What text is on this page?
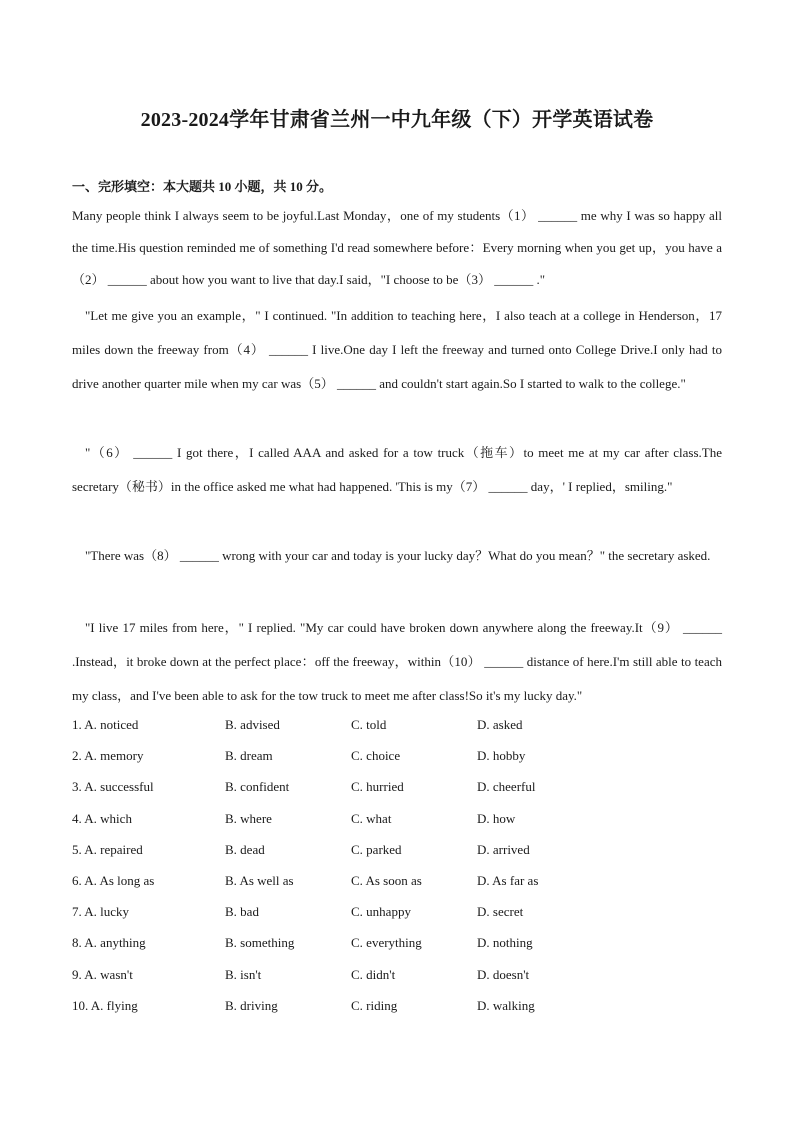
2023-2024学年甘肃省兰州一中九年级（下）开学英语试卷
一、完形填空：本大题共 10 小题，共 10 分。

Many people think I always seem to be joyful.Last Monday，one of my students（1） ______ me why I was so happy all the time.His question reminded me of something I'd read somewhere before：Every morning when you get up，you have a （2） ______ about how you want to live that day.I said，"I choose to be（3） ______ ."

"Let me give you an example，" I continued. "In addition to teaching here，I also teach at a college in Henderson，17 miles down the freeway from（4） ______ I live.One day I left the freeway and turned onto College Drive.I only had to drive another quarter mile when my car was（5） ______ and couldn't start again.So I started to walk to the college."

"（6） ______ I got there，I called AAA and asked for a tow truck（拖车）to meet me at my car after class.The secretary（秘书）in the office asked me what had happened. 'This is my（7） ______ day，' I replied，smiling."

"There was（8） ______ wrong with your car and today is your lucky day？What do you mean？" the secretary asked.

"I live 17 miles from here，" I replied. "My car could have broken down anywhere along the freeway.It（9） ______ .Instead，it broke down at the perfect place：off the freeway，within（10） ______ distance of here.I'm still able to teach my class，and I've been able to ask for the tow truck to meet me after class!So it's my lucky day."

1. A. noticed	B. advised	C. told	D. asked
2. A. memory	B. dream	C. choice	D. hobby
3. A. successful	B. confident	C. hurried	D. cheerful
4. A. which	B. where	C. what	D. how
5. A. repaired	B. dead	C. parked	D. arrived
6. A. As long as	B. As well as	C. As soon as	D. As far as
7. A. lucky	B. bad	C. unhappy	D. secret
8. A. anything	B. something	C. everything	D. nothing
9. A. wasn't	B. isn't	C. didn't	D. doesn't
10. A. flying	B. driving	C. riding	D. walking
